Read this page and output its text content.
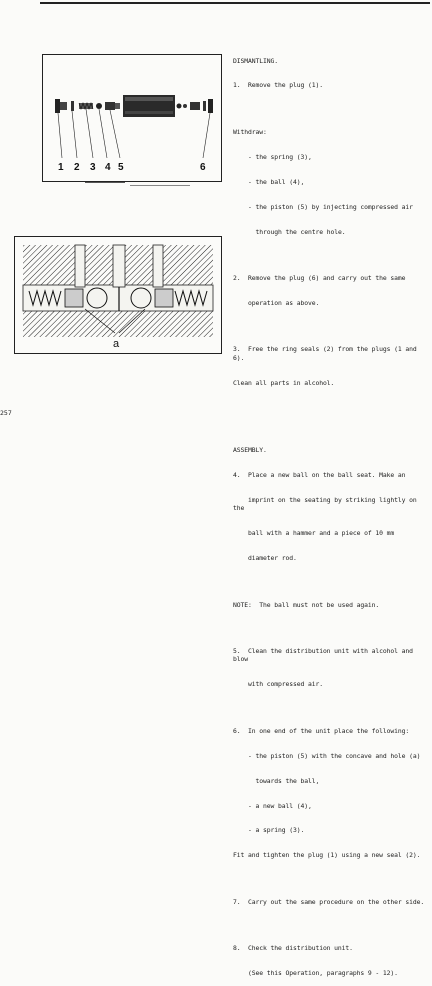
1 2 3 4 5	6
a

DISMANTLING.

1.  Remove the plug (1).

Withdraw:

- the spring (3),

- the ball (4),

- the piston (5) by injecting compressed air

through the centre hole.

2.  Remove the plug (6) and carry out the same

operation as above.

3.  Free the ring seals (2) from the plugs (1 and 6).

Clean all parts in alcohol.

ASSEMBLY.

4.  Place a new ball on the ball seat. Make an

imprint on the seating by striking lightly on the

ball with a hammer and a piece of 10 mm

diameter rod.

NOTE:  The ball must not be used again.

5.  Clean the distribution unit with alcohol and blow

with compressed air.

6.  In one end of the unit place the following:

- the piston (5) with the concave and hole (a)

towards the ball,

- a new ball (4),

- a spring (3).

Fit and tighten the plug (1) using a new seal (2).

7.  Carry out the same procedure on the other side.

8.  Check the distribution unit.

(See this Operation, paragraphs 9 - 12).

257
